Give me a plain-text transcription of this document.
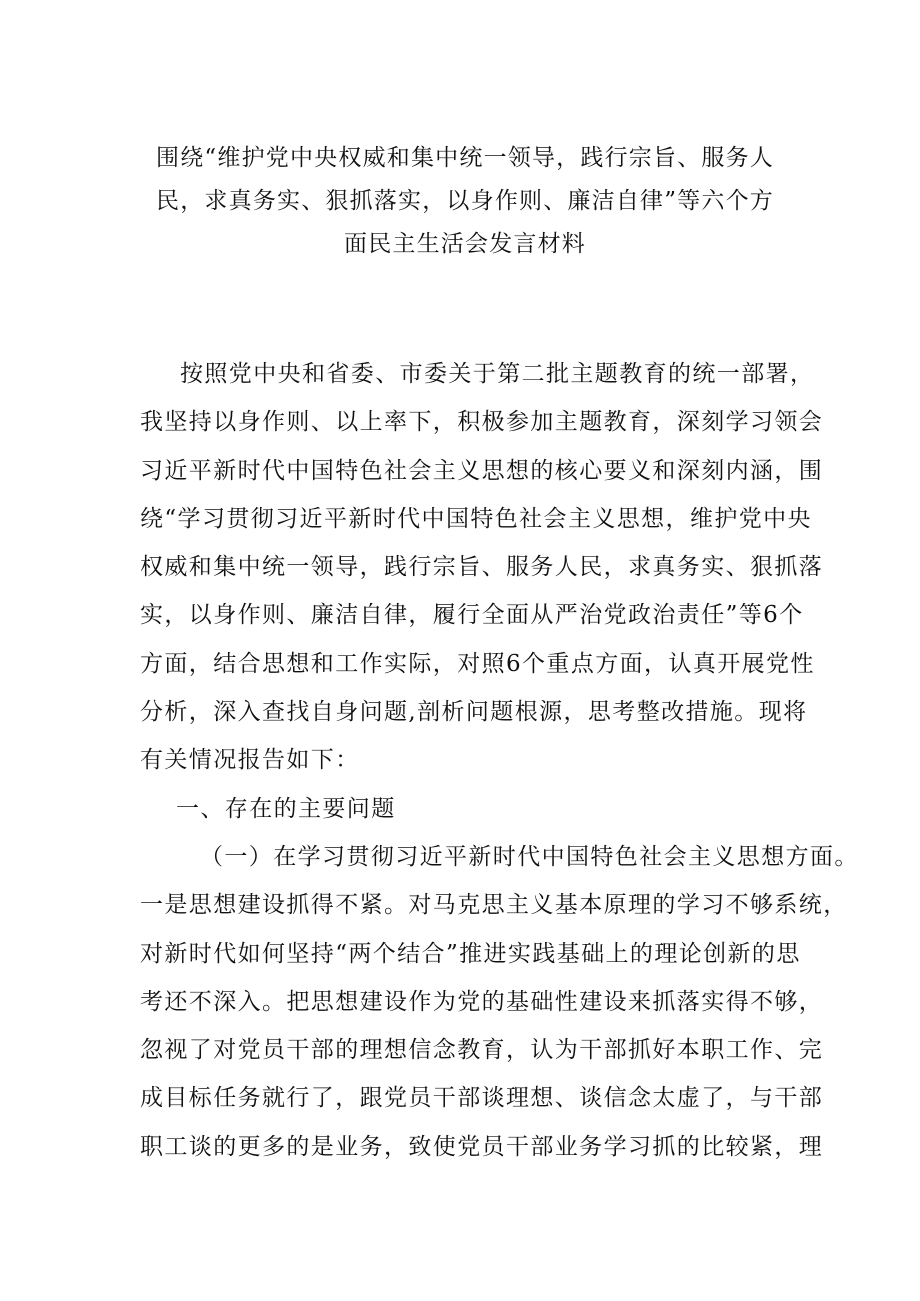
围绕“维护党中央权威和集中统一领导，践行宗旨、服务人
民，求真务实、狠抓落实，以身作则、廉洁自律”等六个方
面民主生活会发言材料
按照党中央和省委、市委关于第二批主题教育的统一部署，
我坚持以身作则、以上率下，积极参加主题教育，深刻学习领会
习近平新时代中国特色社会主义思想的核心要义和深刻内涵，围
绕“学习贯彻习近平新时代中国特色社会主义思想，维护党中央
权威和集中统一领导，践行宗旨、服务人民，求真务实、狠抓落
实，以身作则、廉洁自律，履行全面从严治党政治责任”等6个
方面，结合思想和工作实际，对照6个重点方面，认真开展党性
分析，深入查找自身问题,剖析问题根源，思考整改措施。现将
有关情况报告如下：
一、存在的主要问题
（一）在学习贯彻习近平新时代中国特色社会主义思想方面。
一是思想建设抓得不紧。对马克思主义基本原理的学习不够系统，
对新时代如何坚持“两个结合”推进实践基础上的理论创新的思
考还不深入。把思想建设作为党的基础性建设来抓落实得不够，
忽视了对党员干部的理想信念教育，认为干部抓好本职工作、完
成目标任务就行了，跟党员干部谈理想、谈信念太虚了，与干部
职工谈的更多的是业务，致使党员干部业务学习抓的比较紧，理
